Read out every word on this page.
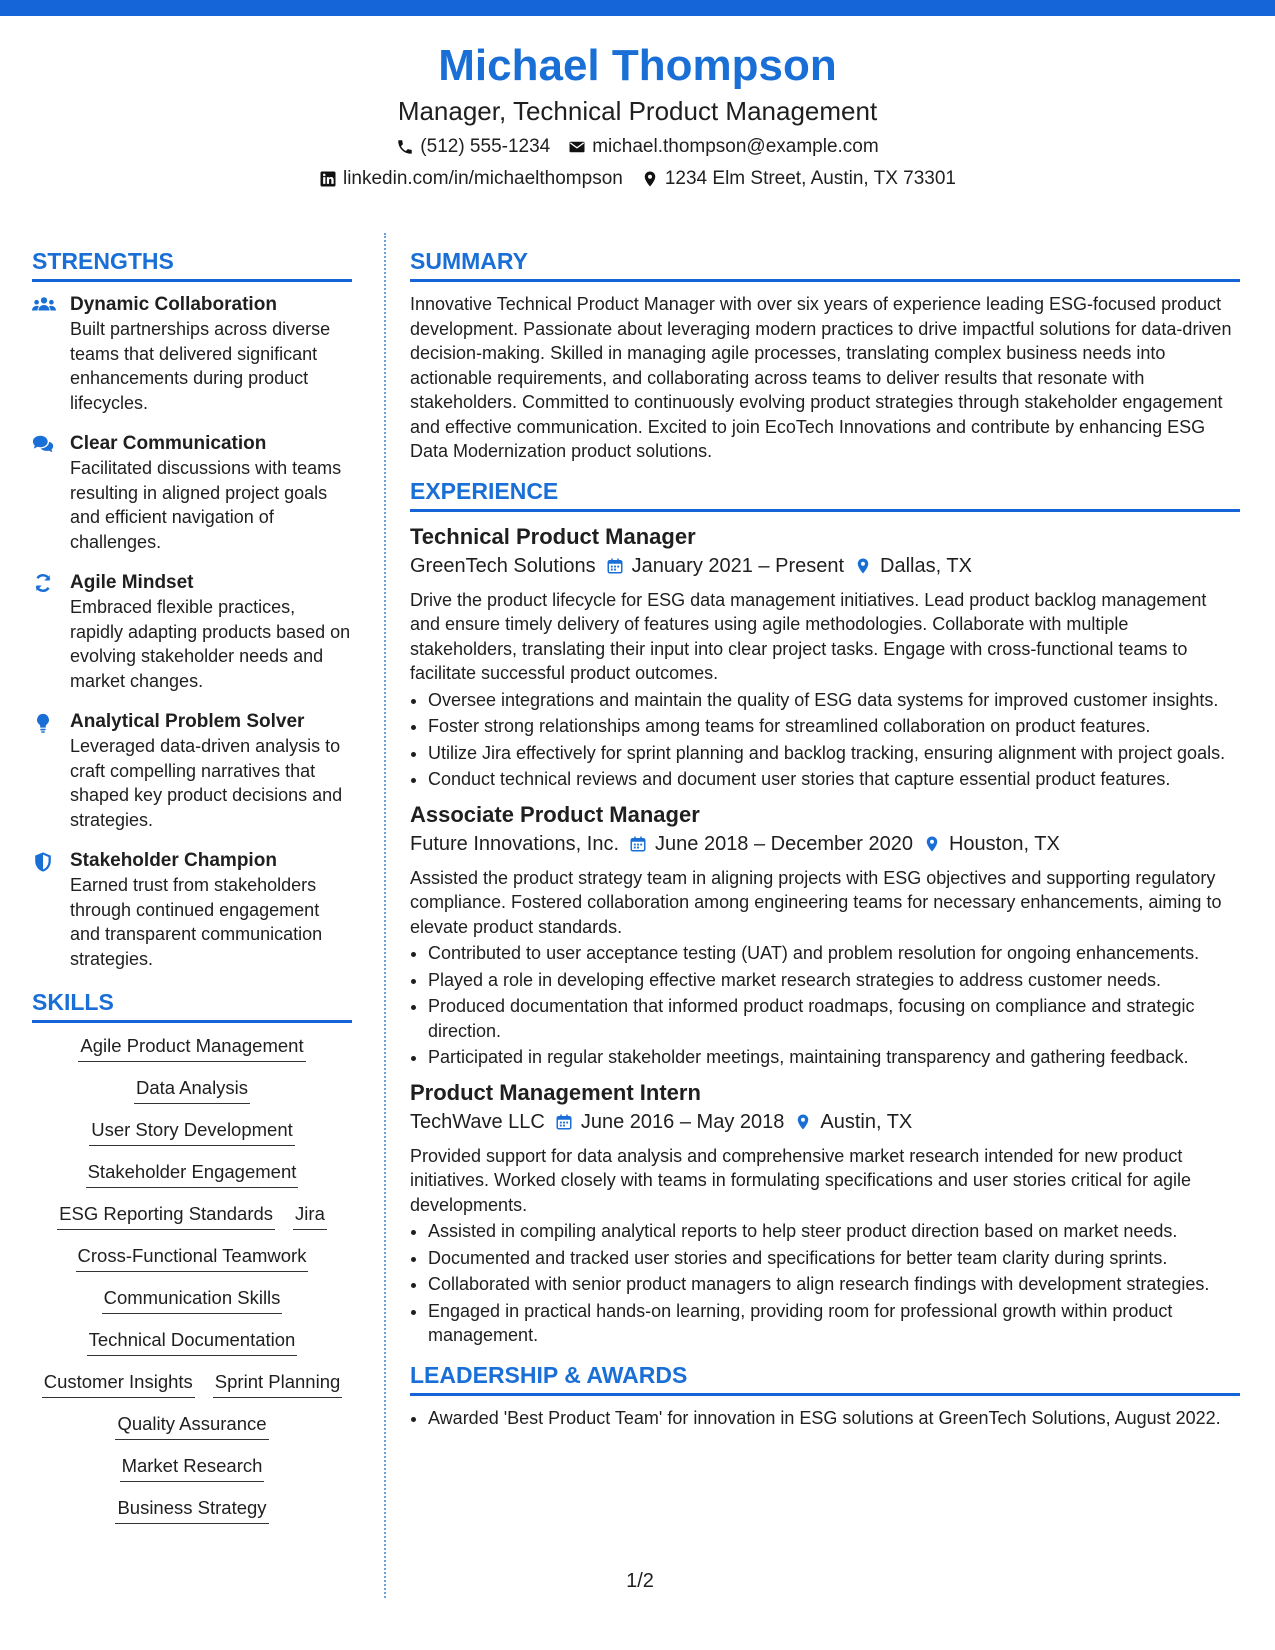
Michael Thompson
Manager, Technical Product Management
(512) 555-1234 michael.thompson@example.com
linkedin.com/in/michaelthompson 1234 Elm Street, Austin, TX 73301
STRENGTHS
Dynamic Collaboration
Built partnerships across diverse teams that delivered significant enhancements during product lifecycles.
Clear Communication
Facilitated discussions with teams resulting in aligned project goals and efficient navigation of challenges.
Agile Mindset
Embraced flexible practices, rapidly adapting products based on evolving stakeholder needs and market changes.
Analytical Problem Solver
Leveraged data-driven analysis to craft compelling narratives that shaped key product decisions and strategies.
Stakeholder Champion
Earned trust from stakeholders through continued engagement and transparent communication strategies.
SKILLS
Agile Product Management
Data Analysis
User Story Development
Stakeholder Engagement
ESG Reporting Standards Jira
Cross-Functional Teamwork
Communication Skills
Technical Documentation
Customer Insights Sprint Planning
Quality Assurance
Market Research
Business Strategy
SUMMARY

Innovative Technical Product Manager with over six years of experience leading ESG-focused product development. Passionate about leveraging modern practices to drive impactful solutions for data-driven decision-making. Skilled in managing agile processes, translating complex business needs into actionable requirements, and collaborating across teams to deliver results that resonate with stakeholders. Committed to continuously evolving product strategies through stakeholder engagement and effective communication. Excited to join EcoTech Innovations and contribute by enhancing ESG Data Modernization product solutions.

EXPERIENCE
Technical Product Manager
GreenTech Solutions January 2021 – Present Dallas, TX

Drive the product lifecycle for ESG data management initiatives. Lead product backlog management and ensure timely delivery of features using agile methodologies. Collaborate with multiple stakeholders, translating their input into clear project tasks. Engage with cross-functional teams to facilitate successful product outcomes.

• Oversee integrations and maintain the quality of ESG data systems for improved customer insights.
• Foster strong relationships among teams for streamlined collaboration on product features.
• Utilize Jira effectively for sprint planning and backlog tracking, ensuring alignment with project goals.
• Conduct technical reviews and document user stories that capture essential product features.
Associate Product Manager
Future Innovations, Inc. June 2018 – December 2020 Houston, TX

Assisted the product strategy team in aligning projects with ESG objectives and supporting regulatory compliance. Fostered collaboration among engineering teams for necessary enhancements, aiming to elevate product standards.

• Contributed to user acceptance testing (UAT) and problem resolution for ongoing enhancements.
• Played a role in developing effective market research strategies to address customer needs.
• Produced documentation that informed product roadmaps, focusing on compliance and strategic direction.
• Participated in regular stakeholder meetings, maintaining transparency and gathering feedback.
Product Management Intern
TechWave LLC June 2016 – May 2018 Austin, TX

Provided support for data analysis and comprehensive market research intended for new product initiatives. Worked closely with teams in formulating specifications and user stories critical for agile developments.

• Assisted in compiling analytical reports to help steer product direction based on market needs.
• Documented and tracked user stories and specifications for better team clarity during sprints.
• Collaborated with senior product managers to align research findings with development strategies.
• Engaged in practical hands-on learning, providing room for professional growth within product management.
LEADERSHIP & AWARDS
• Awarded 'Best Product Team' for innovation in ESG solutions at GreenTech Solutions, August 2022.
1/2
